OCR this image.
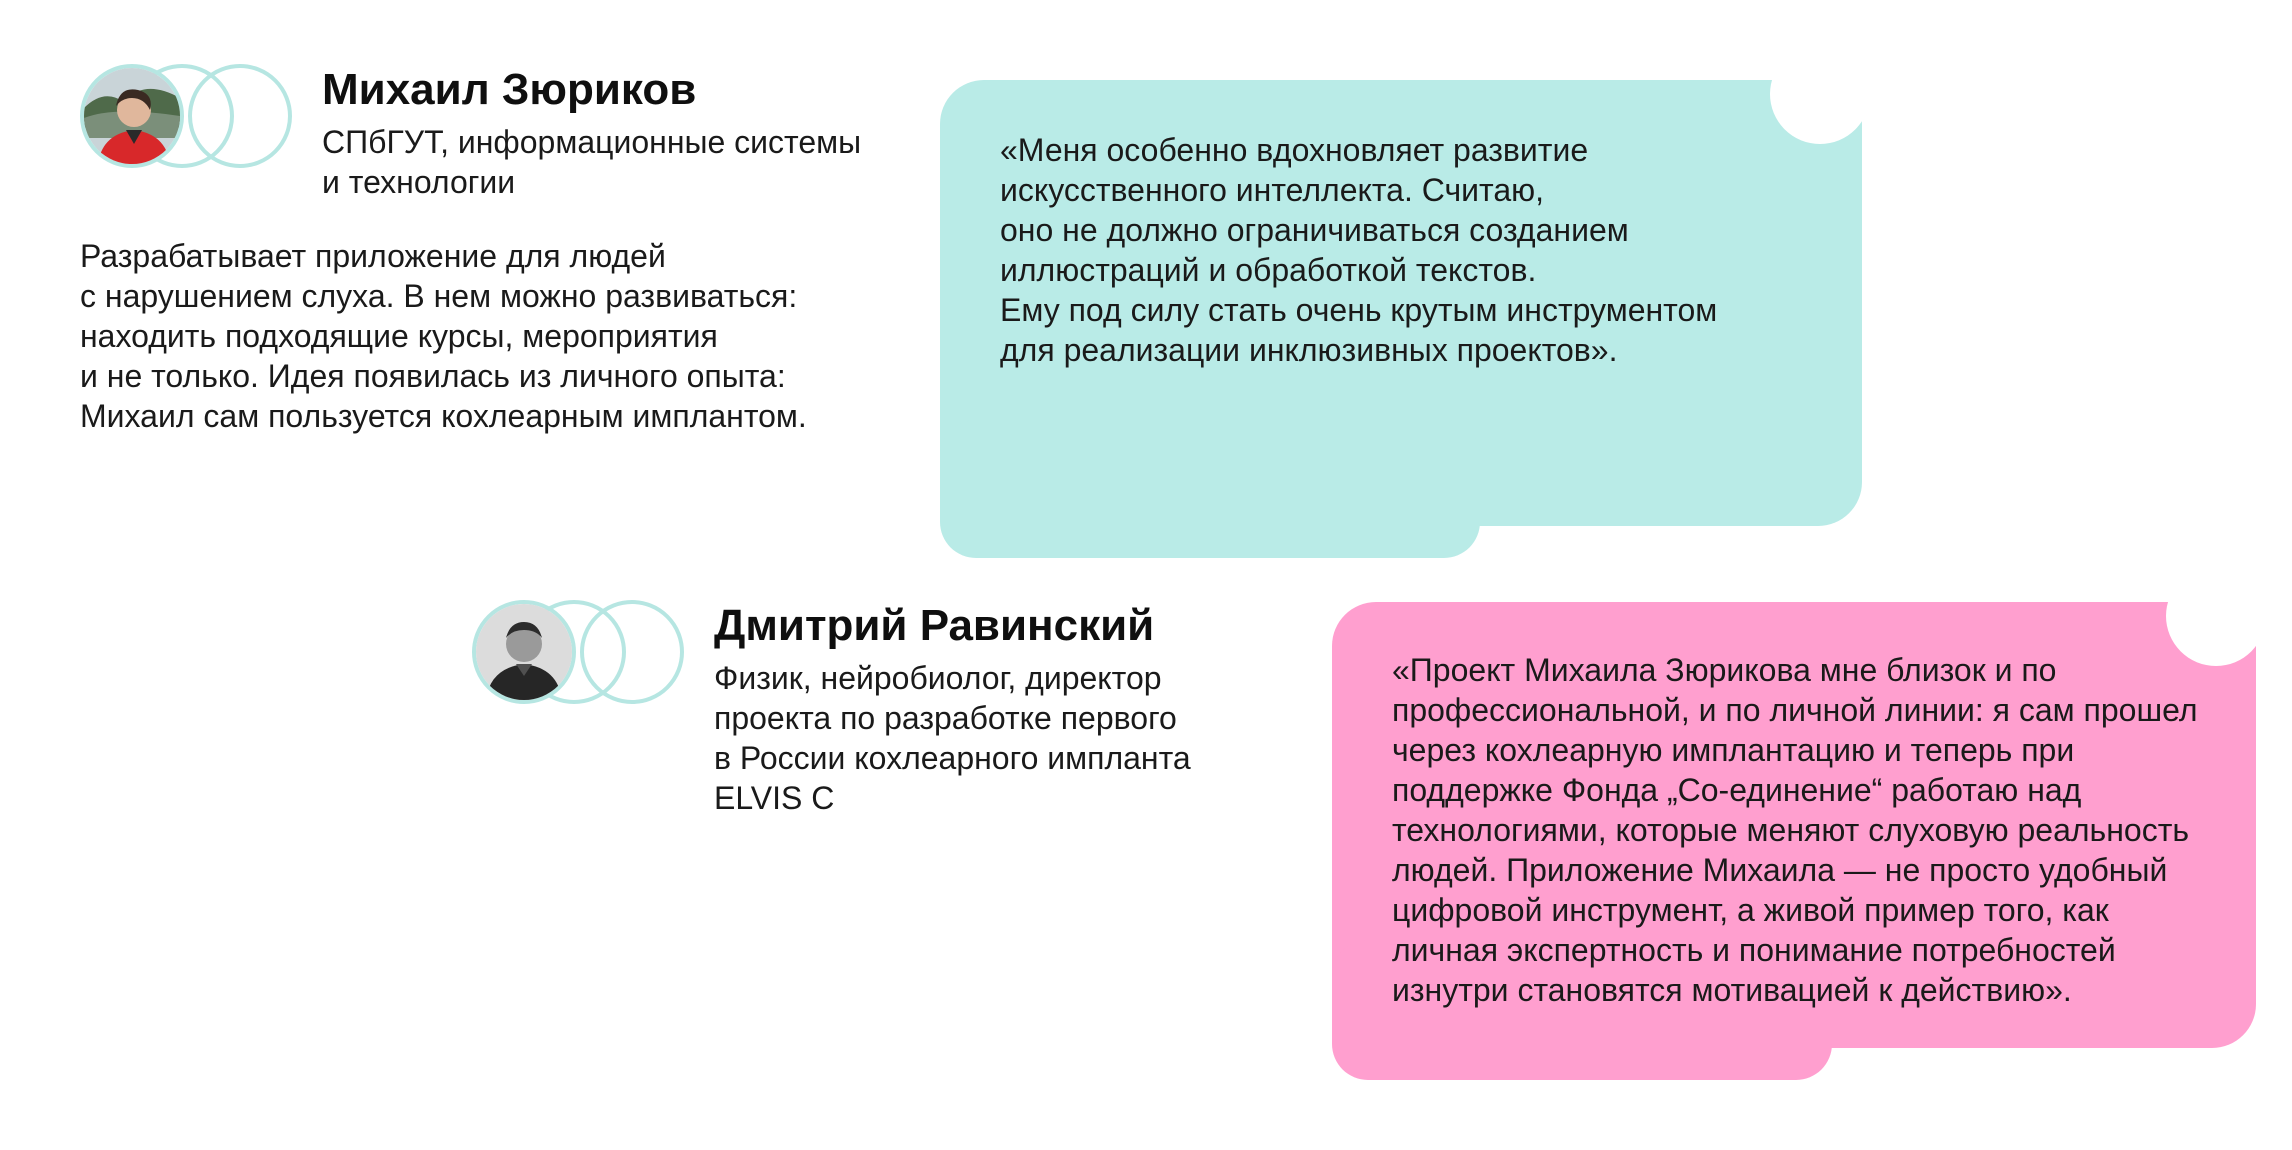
Михаил Зюриков
СПбГУТ, информационные системы
и технологии
Разрабатывает приложение для людей
с нарушением слуха. В нем можно развиваться:
находить подходящие курсы, мероприятия
и не только. Идея появилась из личного опыта:
Михаил сам пользуется кохлеарным имплантом.
«Меня особенно вдохновляет развитие
искусственного интеллекта. Считаю,
оно не должно ограничиваться созданием
иллюстраций и обработкой текстов.
Ему под силу стать очень крутым инструментом
для реализации инклюзивных проектов».
Дмитрий Равинский
Физик, нейробиолог, директор
проекта по разработке первого
в России кохлеарного импланта
ELVIS C
«Проект Михаила Зюрикова мне близок и по
профессиональной, и по личной линии: я сам прошел
через кохлеарную имплантацию и теперь при
поддержке Фонда „Со-единение“ работаю над
технологиями, которые меняют слуховую реальность
людей. Приложение Михаила — не просто удобный
цифровой инструмент, а живой пример того, как
личная экспертность и понимание потребностей
изнутри становятся мотивацией к действию».
